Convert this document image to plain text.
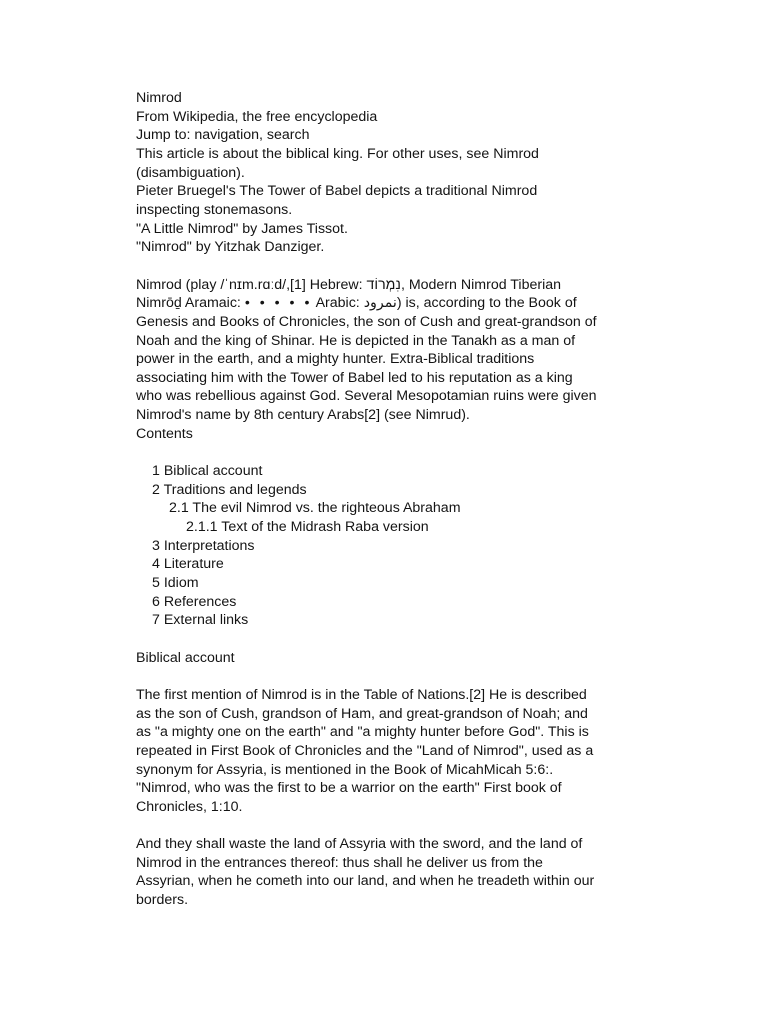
Nimrod

From Wikipedia, the free encyclopedia

Jump to: navigation, search

This article is about the biblical king. For other uses, see Nimrod

(disambiguation).

Pieter Bruegel's The Tower of Babel depicts a traditional Nimrod

inspecting stonemasons.

"A Little Nimrod" by James Tissot.

"Nimrod" by Yitzhak Danziger.

Nimrod (play /ˈnɪm.rɑːd/,[1] Hebrew: נִמְרוֹד‎, Modern Nimrod Tiberian

Nimrōḏ Aramaic: • • • • • Arabic: نمرود) is, according to the Book of

Genesis and Books of Chronicles, the son of Cush and great-grandson of

Noah and the king of Shinar. He is depicted in the Tanakh as a man of

power in the earth, and a mighty hunter. Extra-Biblical traditions

associating him with the Tower of Babel led to his reputation as a king

who was rebellious against God. Several Mesopotamian ruins were given

Nimrod's name by 8th century Arabs[2] (see Nimrud).

Contents

1 Biblical account

2 Traditions and legends

2.1 The evil Nimrod vs. the righteous Abraham

2.1.1 Text of the Midrash Raba version

3 Interpretations

4 Literature

5 Idiom

6 References

7 External links

Biblical account

The first mention of Nimrod is in the Table of Nations.[2] He is described

as the son of Cush, grandson of Ham, and great-grandson of Noah; and

as "a mighty one on the earth" and "a mighty hunter before God". This is

repeated in First Book of Chronicles and the "Land of Nimrod", used as a

synonym for Assyria, is mentioned in the Book of MicahMicah 5:6:.

"Nimrod, who was the first to be a warrior on the earth" First book of

Chronicles, 1:10.

And they shall waste the land of Assyria with the sword, and the land of

Nimrod in the entrances thereof: thus shall he deliver us from the

Assyrian, when he cometh into our land, and when he treadeth within our

borders.
